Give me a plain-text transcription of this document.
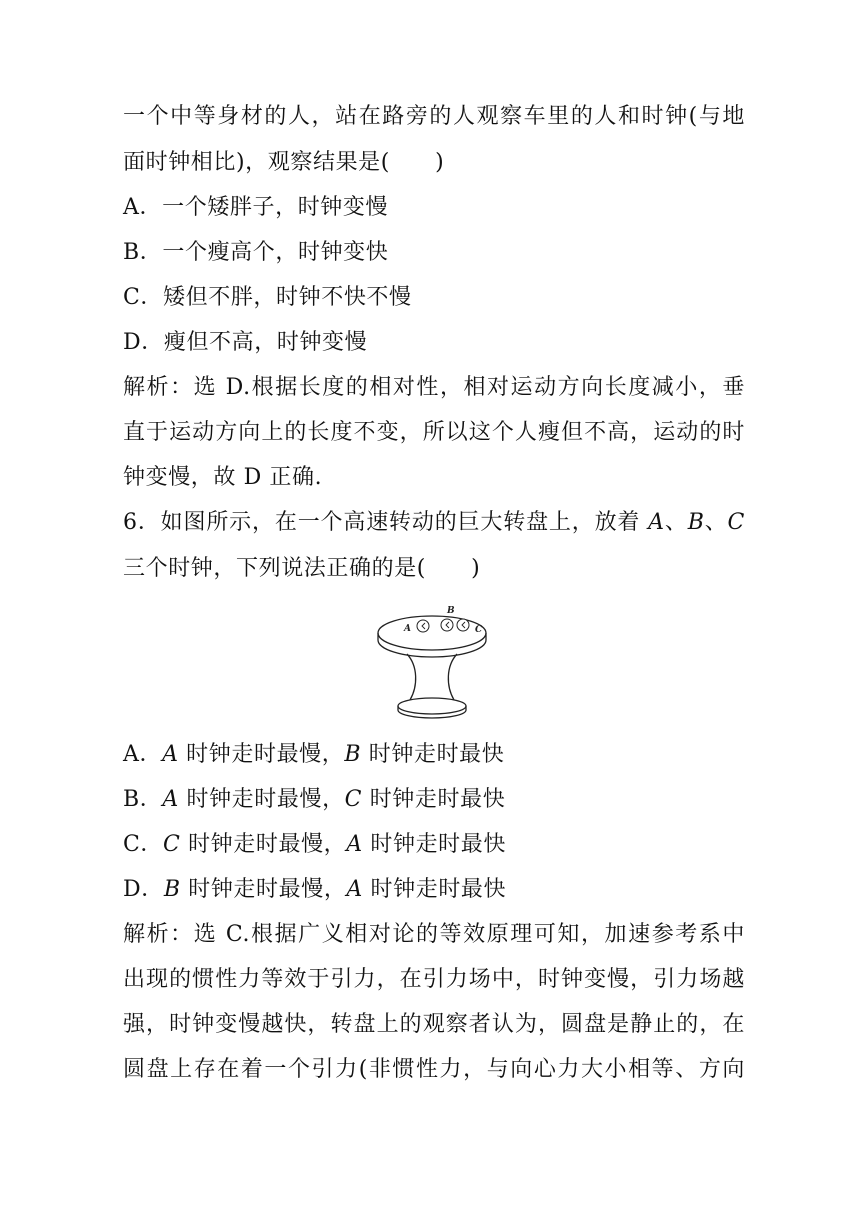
一个中等身材的人，站在路旁的人观察车里的人和时钟(与地
面时钟相比)，观察结果是(　　)
A．一个矮胖子，时钟变慢
B．一个瘦高个，时钟变快
C．矮但不胖，时钟不快不慢
D．瘦但不高，时钟变慢
解析：选 D.根据长度的相对性，相对运动方向长度减小，垂
直于运动方向上的长度不变，所以这个人瘦但不高，运动的时
钟变慢，故 D 正确.
6．如图所示，在一个高速转动的巨大转盘上，放着 A、B、C
三个时钟，下列说法正确的是(　　)
A
B
C
A．A 时钟走时最慢，B 时钟走时最快
B．A 时钟走时最慢，C 时钟走时最快
C．C 时钟走时最慢，A 时钟走时最快
D．B 时钟走时最慢，A 时钟走时最快
解析：选 C.根据广义相对论的等效原理可知，加速参考系中
出现的惯性力等效于引力，在引力场中，时钟变慢，引力场越
强，时钟变慢越快，转盘上的观察者认为，圆盘是静止的，在
圆盘上存在着一个引力(非惯性力，与向心力大小相等、方向
